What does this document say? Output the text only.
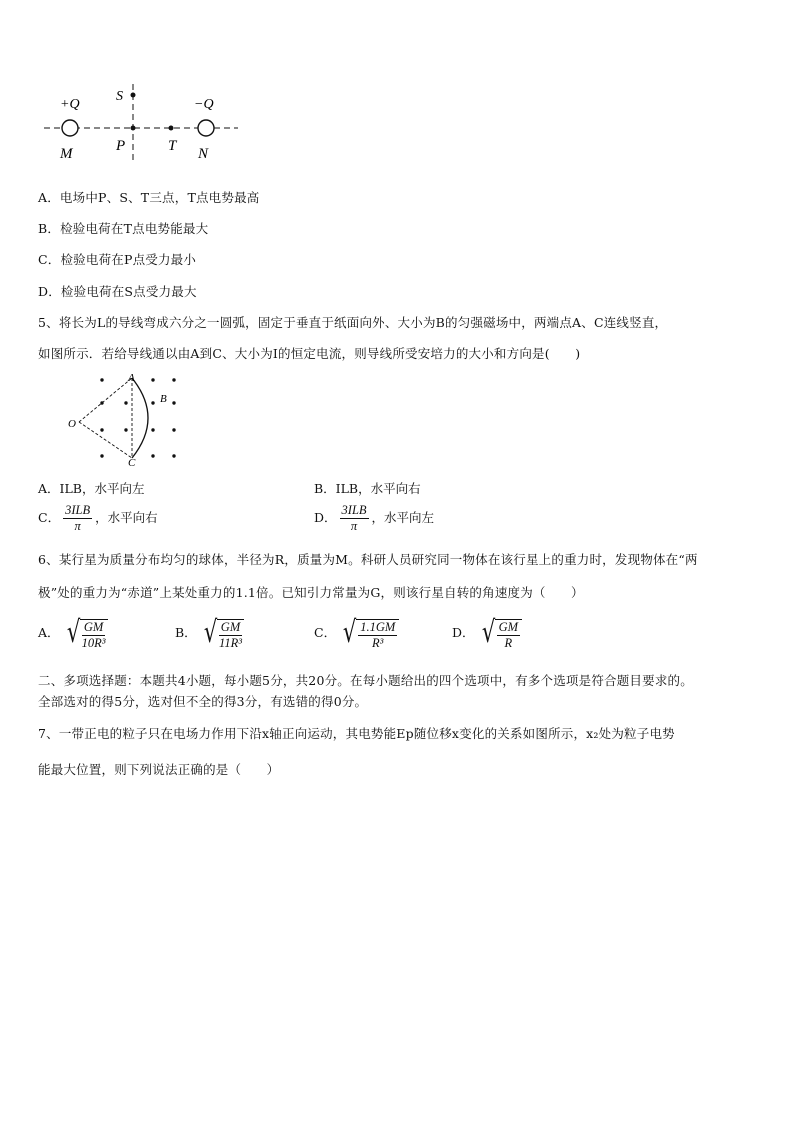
+Q	−Q
S
M	P	T N
A．电场中P、S、T三点，T点电势最高
B．检验电荷在T点电势能最大
C．检验电荷在P点受力最小
D．检验电荷在S点受力最大
5、将长为L的导线弯成六分之一圆弧，固定于垂直于纸面向外、大小为B的匀强磁场中，两端点A、C连线竖直，
如图所示．若给导线通以由A到C、大小为I的恒定电流，则导线所受安培力的大小和方向是(　　)
A
B
C
O
A．ILB，水平向左	B．ILB，水平向右
C． $\frac{\text{3ILB}}{\pi}$ ，水平向右	D． $\frac{\text{3ILB}}{\pi}$ ，水平向左
6、某行星为质量分布均匀的球体，半径为R，质量为M。科研人员研究同一物体在该行星上的重力时，发现物体在“两
极”处的重力为“赤道”上某处重力的1.1倍。已知引力常量为G，则该行星自转的角速度为（　　）
A． √ $\frac{GM}{\text{10R³}}$	B． √ $\frac{GM}{\text{11R³}}$	C． √ $\frac{1.1GM}{\text{R³}}$	D． √ $\frac{GM}{R}$
二、多项选择题：本题共4小题，每小题5分，共20分。在每小题给出的四个选项中，有多个选项是符合题目要求的。
全部选对的得5分，选对但不全的得3分，有选错的得0分。
7、一带正电的粒子只在电场力作用下沿x轴正向运动，其电势能Ep随位移x变化的关系如图所示，x₂处为粒子电势
能最大位置，则下列说法正确的是（　　）
